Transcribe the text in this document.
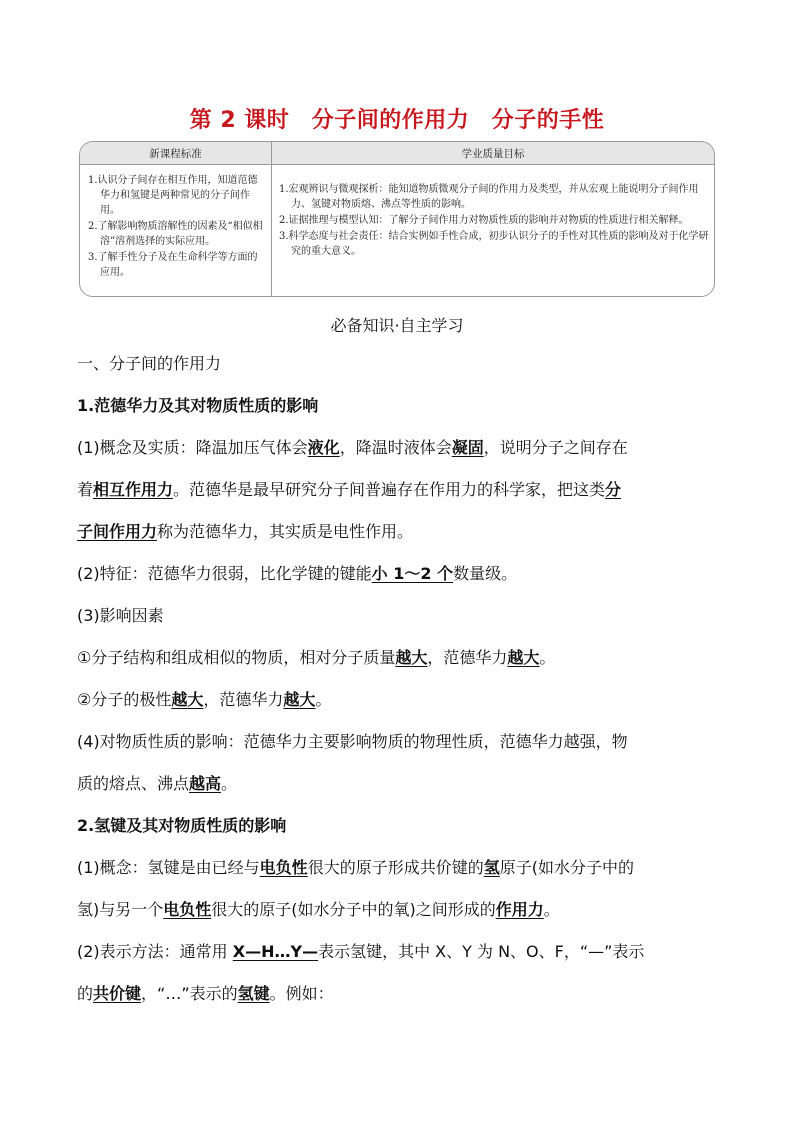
第 2 课时　分子间的作用力　分子的手性
新课程标准	学业质量目标

1.认识分子间存在相互作用，知道范德华力和氢键是两种常见的分子间作用。

2.了解影响物质溶解性的因素及“相似相溶”溶剂选择的实际应用。

3.了解手性分子及在生命科学等方面的应用。

1.宏观辨识与微观探析：能知道物质微观分子间的作用力及类型，并从宏观上能说明分子间作用力、氢键对物质熔、沸点等性质的影响。

2.证据推理与模型认知：了解分子间作用力对物质性质的影响并对物质的性质进行相关解释。

3.科学态度与社会责任：结合实例如手性合成，初步认识分子的手性对其性质的影响及对于化学研究的重大意义。

必备知识·自主学习
一、分子间的作用力
1.范德华力及其对物质性质的影响
(1)概念及实质：降温加压气体会液化，降温时液体会凝固，说明分子之间存在
着相互作用力。范德华是最早研究分子间普遍存在作用力的科学家，把这类分
子间作用力称为范德华力，其实质是电性作用。
(2)特征：范德华力很弱，比化学键的键能小 1～2 个数量级。
(3)影响因素
①分子结构和组成相似的物质，相对分子质量越大，范德华力越大。
②分子的极性越大，范德华力越大。
(4)对物质性质的影响：范德华力主要影响物质的物理性质，范德华力越强，物
质的熔点、沸点越高。
2.氢键及其对物质性质的影响
(1)概念：氢键是由已经与电负性很大的原子形成共价键的氢原子(如水分子中的
氢)与另一个电负性很大的原子(如水分子中的氧)之间形成的作用力。
(2)表示方法：通常用 X—H…Y—表示氢键，其中 X、Y 为 N、O、F，“—”表示
的共价键，“…”表示的氢键。例如：
